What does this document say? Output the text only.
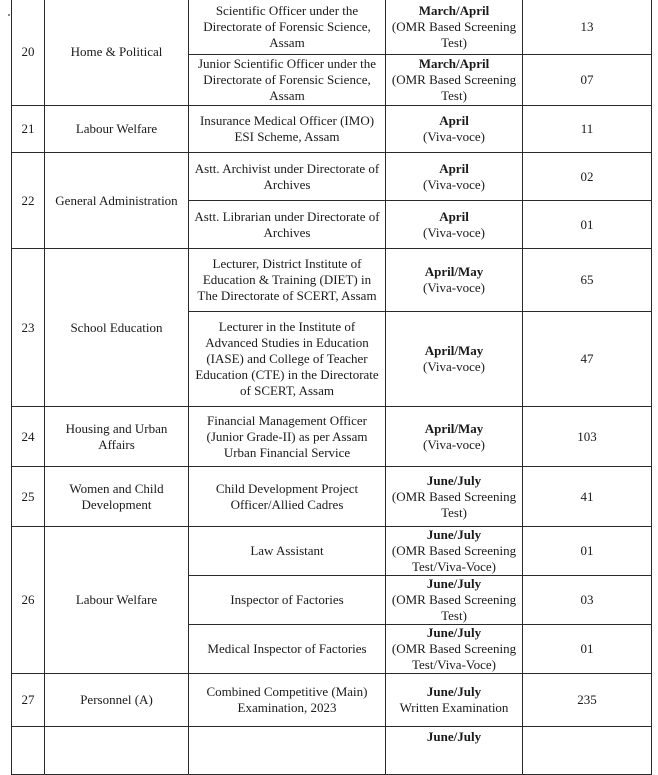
20	Home & Political	Scientific Officer under the Directorate of Forensic Science, Assam	March/April
(OMR Based Screening Test)	13
		Junior Scientific Officer under the Directorate of Forensic Science, Assam	March/April
(OMR Based Screening Test)	07
21	Labour Welfare	Insurance Medical Officer (IMO) ESI Scheme, Assam	April
(Viva-voce)	11
22	General Administration	Astt. Archivist under Directorate of Archives	April
(Viva-voce)	02
		Astt. Librarian under Directorate of Archives	April
(Viva-voce)	01
23	School Education	Lecturer, District Institute of Education & Training (DIET) in The Directorate of SCERT, Assam	April/May
(Viva-voce)	65
		Lecturer in the Institute of Advanced Studies in Education (IASE) and College of Teacher Education (CTE) in the Directorate of SCERT, Assam	April/May
(Viva-voce)	47
24	Housing and Urban Affairs	Financial Management Officer (Junior Grade-II) as per Assam Urban Financial Service	April/May
(Viva-voce)	103
25	Women and Child Development	Child Development Project Officer/Allied Cadres	June/July
(OMR Based Screening Test)	41
26	Labour Welfare	Law Assistant	June/July
(OMR Based Screening Test/Viva-Voce)	01
		Inspector of Factories	June/July
(OMR Based Screening Test)	03
		Medical Inspector of Factories	June/July
(OMR Based Screening Test/Viva-Voce)	01
27	Personnel (A)	Combined Competitive (Main) Examination, 2023	June/July
Written Examination	235

			June/July	
